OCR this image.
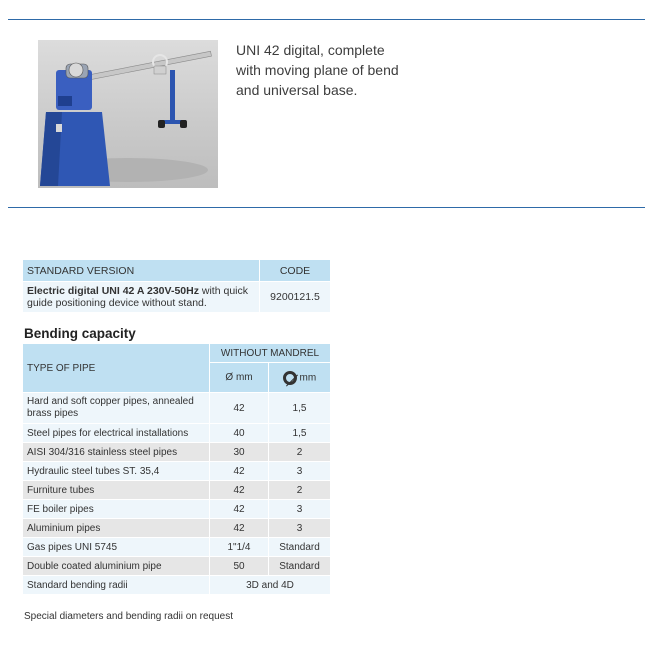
UNI 42 digital, complete
with moving plane of bend
and universal base.
STANDARD VERSION	CODE
Electric digital UNI 42 A 230V-50Hz with quick guide positioning device without stand.	9200121.5
Bending capacity
TYPE OF PIPE	WITHOUT MANDREL	
	Ø mm	mm
Hard and soft copper pipes, annealed brass pipes	42	1,5
Steel pipes for electrical installations	40	1,5
AISI 304/316 stainless steel pipes	30	2
Hydraulic steel tubes ST. 35,4	42	3
Furniture tubes	42	2
FE boiler pipes	42	3
Aluminium pipes	42	3
Gas pipes UNI 5745	1"1/4	Standard
Double coated aluminium pipe	50	Standard
Standard bending radii	3D and 4D	
Special diameters and bending radii on request
